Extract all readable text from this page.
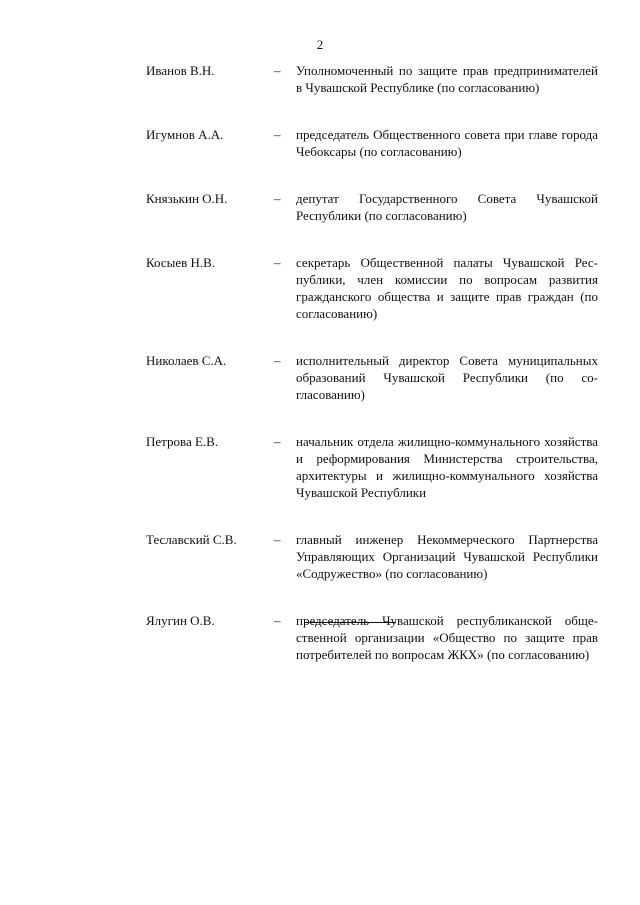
2
Иванов В.Н.	–	Уполномоченный по защите прав предпринимателей в Чувашской Республике (по согласованию)
Игумнов А.А.	–	председатель Общественного совета при главе города Чебоксары (по согласованию)
Князькин О.Н.	–	депутат Государственного Совета Чувашской Республики (по согласованию)
Косыев Н.В.	–	секретарь Общественной палаты Чувашской Республики, член комиссии по вопросам развития гражданского общества и защите прав граждан (по согласованию)
Николаев С.А.	–	исполнительный директор Совета муниципальных образований Чувашской Республики (по согласованию)
Петрова Е.В.	–	начальник отдела жилищно-коммунального хозяйства и реформирования Министерства строительства, архитектуры и жилищно-коммунального хозяйства Чувашской Республики
Теславский С.В.	–	главный инженер Некоммерческого Партнерства Управляющих Организаций Чувашской Республики «Содружество» (по согласованию)
Ялугин О.В.	–	председатель Чувашской республиканской общественной организации «Общество по защите прав потребителей по вопросам ЖКХ» (по согласованию)
